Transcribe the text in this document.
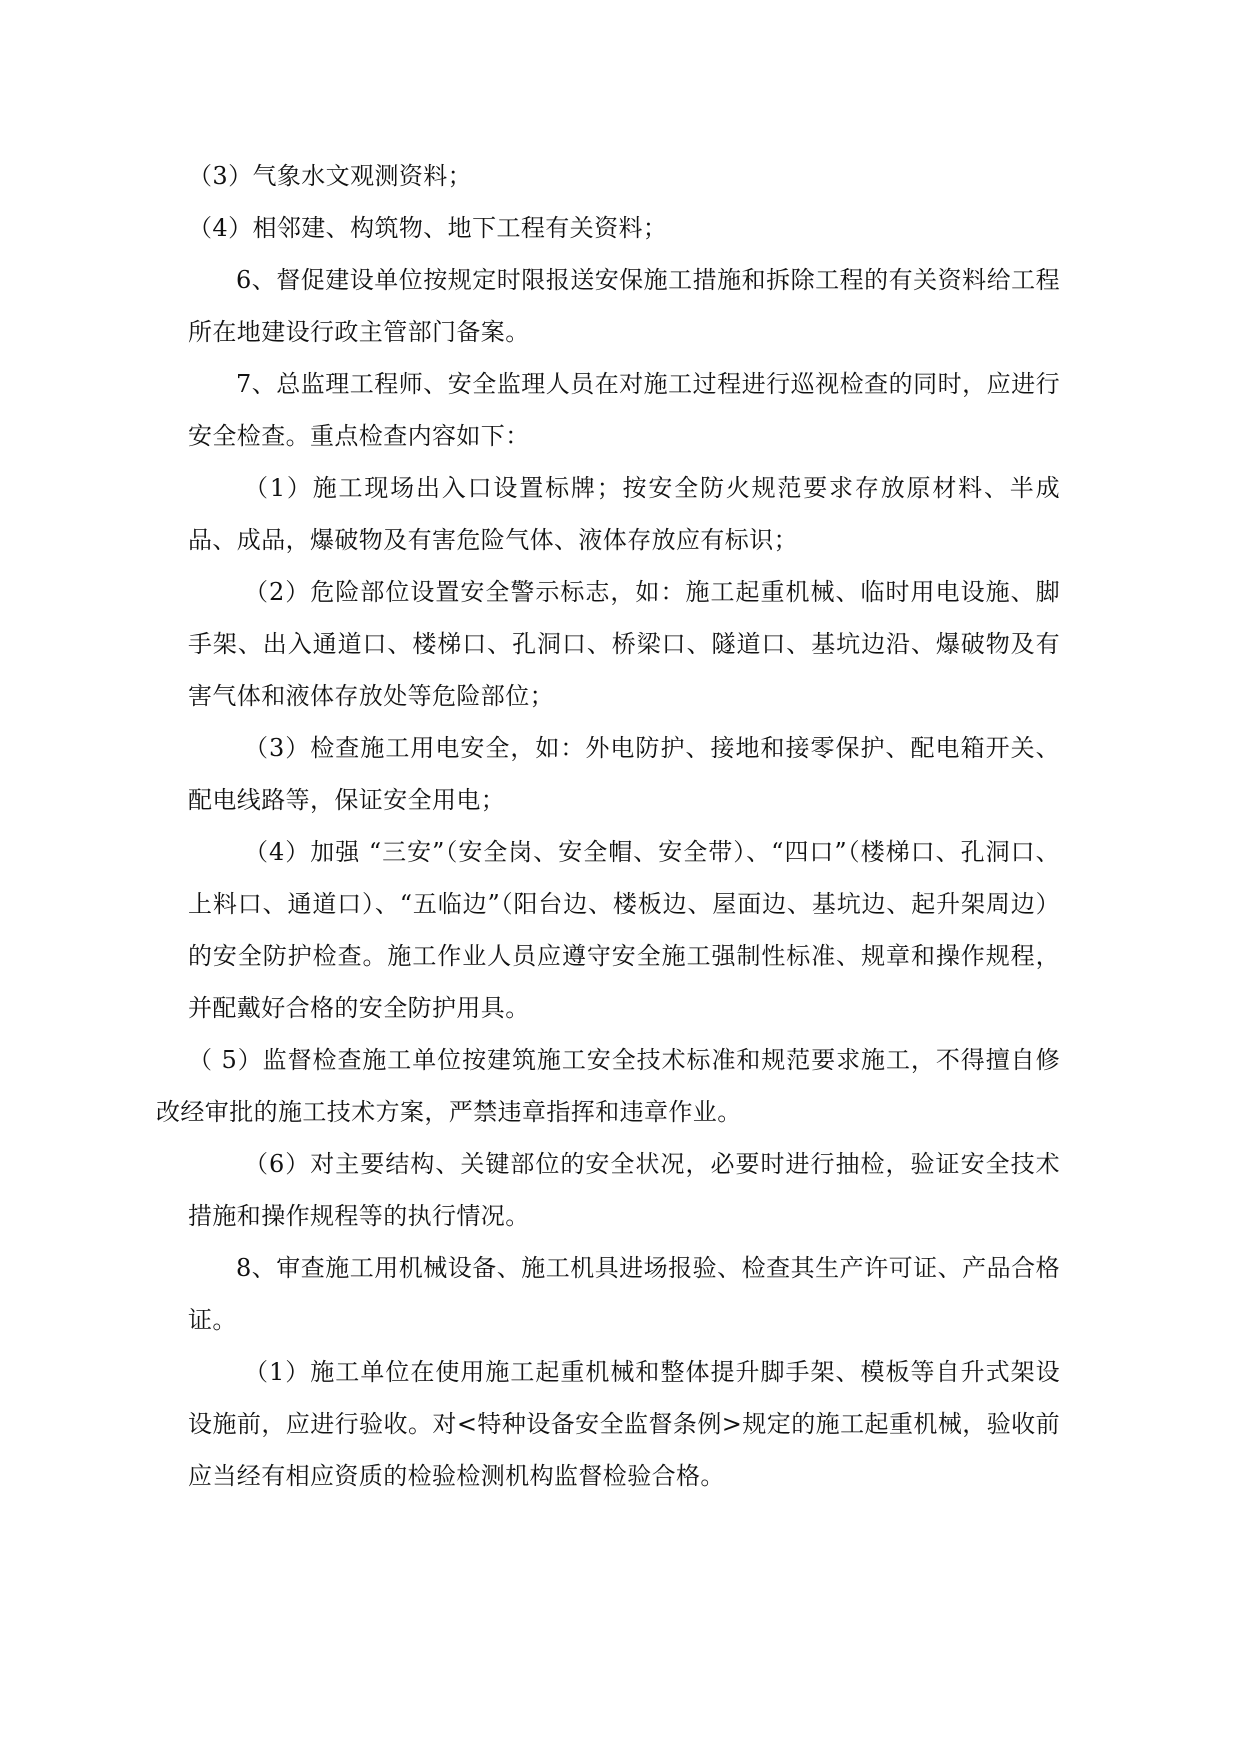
（3）气象水文观测资料；

（4）相邻建、构筑物、地下工程有关资料；

6、督促建设单位按规定时限报送安保施工措施和拆除工程的有关资料给工程所在地建设行政主管部门备案。

7、总监理工程师、安全监理人员在对施工过程进行巡视检查的同时，应进行安全检查。重点检查内容如下：

（1）施工现场出入口设置标牌；按安全防火规范要求存放原材料、半成品、成品，爆破物及有害危险气体、液体存放应有标识；

（2）危险部位设置安全警示标志，如：施工起重机械、临时用电设施、脚手架、出入通道口、楼梯口、孔洞口、桥梁口、隧道口、基坑边沿、爆破物及有害气体和液体存放处等危险部位；

（3）检查施工用电安全，如：外电防护、接地和接零保护、配电箱开关、配电线路等，保证安全用电；

（4）加强 “三安”（安全岗、安全帽、安全带）、“四口”（楼梯口、孔洞口、上料口、通道口）、“五临边”（阳台边、楼板边、屋面边、基坑边、起升架周边）的安全防护检查。施工作业人员应遵守安全施工强制性标准、规章和操作规程，并配戴好合格的安全防护用具。

（ 5）监督检查施工单位按建筑施工安全技术标准和规范要求施工，不得擅自修改经审批的施工技术方案，严禁违章指挥和违章作业。

（6）对主要结构、关键部位的安全状况，必要时进行抽检，验证安全技术措施和操作规程等的执行情况。

8、审查施工用机械设备、施工机具进场报验、检查其生产许可证、产品合格证。

（1）施工单位在使用施工起重机械和整体提升脚手架、模板等自升式架设设施前，应进行验收。对<特种设备安全监督条例>规定的施工起重机械，验收前应当经有相应资质的检验检测机构监督检验合格。
